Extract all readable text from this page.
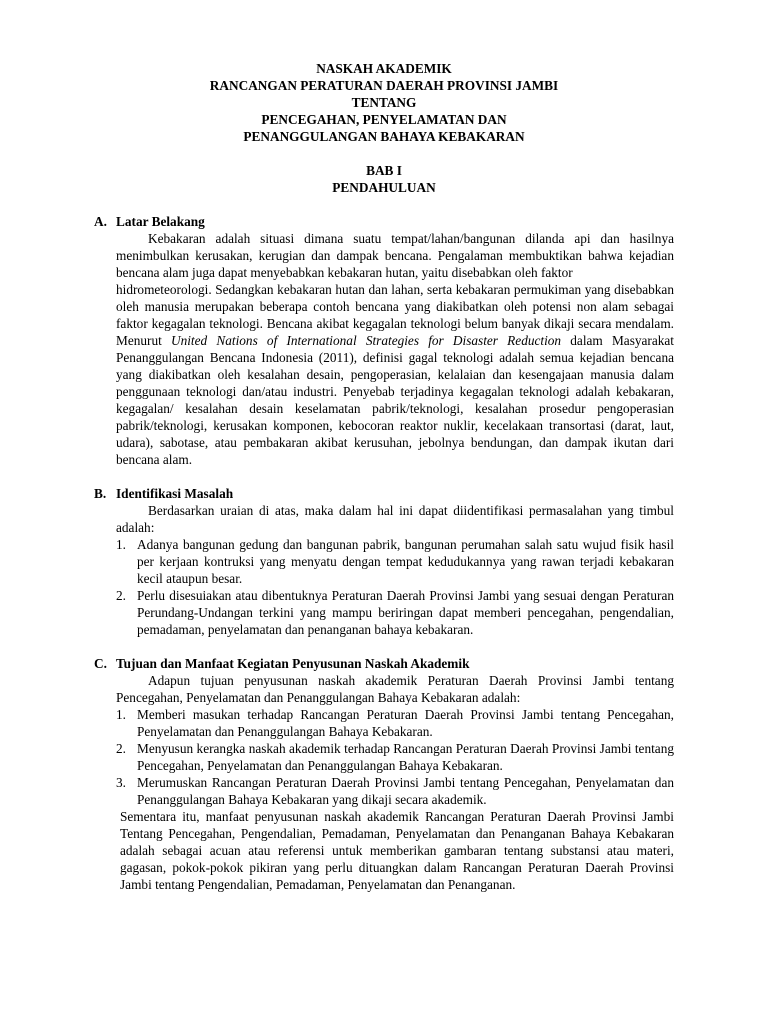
NASKAH AKADEMIK
RANCANGAN PERATURAN DAERAH PROVINSI JAMBI
TENTANG
PENCEGAHAN, PENYELAMATAN DAN
PENANGGULANGAN BAHAYA KEBAKARAN
BAB I
PENDAHULUAN
A. Latar Belakang
Kebakaran adalah situasi dimana suatu tempat/lahan/bangunan dilanda api dan hasilnya menimbulkan kerusakan, kerugian dan dampak bencana. Pengalaman membuktikan bahwa kejadian bencana alam juga dapat menyebabkan kebakaran hutan, yaitu disebabkan oleh faktor
hidrometeorologi. Sedangkan kebakaran hutan dan lahan, serta kebakaran permukiman yang disebabkan oleh manusia merupakan beberapa contoh bencana yang diakibatkan oleh potensi non alam sebagai faktor kegagalan teknologi. Bencana akibat kegagalan teknologi belum banyak dikaji secara mendalam. Menurut United Nations of International Strategies for Disaster Reduction dalam Masyarakat Penanggulangan Bencana Indonesia (2011), definisi gagal teknologi adalah semua kejadian bencana yang diakibatkan oleh kesalahan desain, pengoperasian, kelalaian dan kesengajaan manusia dalam penggunaan teknologi dan/atau industri. Penyebab terjadinya kegagalan teknologi adalah kebakaran, kegagalan/ kesalahan desain keselamatan pabrik/teknologi, kesalahan prosedur pengoperasian pabrik/teknologi, kerusakan komponen, kebocoran reaktor nuklir, kecelakaan transortasi (darat, laut, udara), sabotase, atau pembakaran akibat kerusuhan, jebolnya bendungan, dan dampak ikutan dari bencana alam.
B. Identifikasi Masalah
Berdasarkan uraian di atas, maka dalam hal ini dapat diidentifikasi permasalahan yang timbul adalah:
1. Adanya bangunan gedung dan bangunan pabrik, bangunan perumahan salah satu wujud fisik hasil per kerjaan kontruksi yang menyatu dengan tempat kedudukannya yang rawan terjadi kebakaran kecil ataupun besar.
2. Perlu disesuiakan atau dibentuknya Peraturan Daerah Provinsi Jambi yang sesuai dengan Peraturan Perundang-Undangan terkini yang mampu beriringan dapat memberi pencegahan, pengendalian, pemadaman, penyelamatan dan penanganan bahaya kebakaran.
C. Tujuan dan Manfaat Kegiatan Penyusunan Naskah Akademik
Adapun tujuan penyusunan naskah akademik Peraturan Daerah Provinsi Jambi tentang Pencegahan, Penyelamatan dan Penanggulangan Bahaya Kebakaran adalah:
1. Memberi masukan terhadap Rancangan Peraturan Daerah Provinsi Jambi tentang Pencegahan, Penyelamatan dan Penanggulangan Bahaya Kebakaran.
2. Menyusun kerangka naskah akademik terhadap Rancangan Peraturan Daerah Provinsi Jambi tentang Pencegahan, Penyelamatan dan Penanggulangan Bahaya Kebakaran.
3. Merumuskan Rancangan Peraturan Daerah Provinsi Jambi tentang Pencegahan, Penyelamatan dan Penanggulangan Bahaya Kebakaran yang dikaji secara akademik.
Sementara itu, manfaat penyusunan naskah akademik Rancangan Peraturan Daerah Provinsi Jambi Tentang Pencegahan, Pengendalian, Pemadaman, Penyelamatan dan Penanganan Bahaya Kebakaran adalah sebagai acuan atau referensi untuk memberikan gambaran tentang substansi atau materi, gagasan, pokok-pokok pikiran yang perlu dituangkan dalam Rancangan Peraturan Daerah Provinsi Jambi tentang Pengendalian, Pemadaman, Penyelamatan dan Penanganan.
